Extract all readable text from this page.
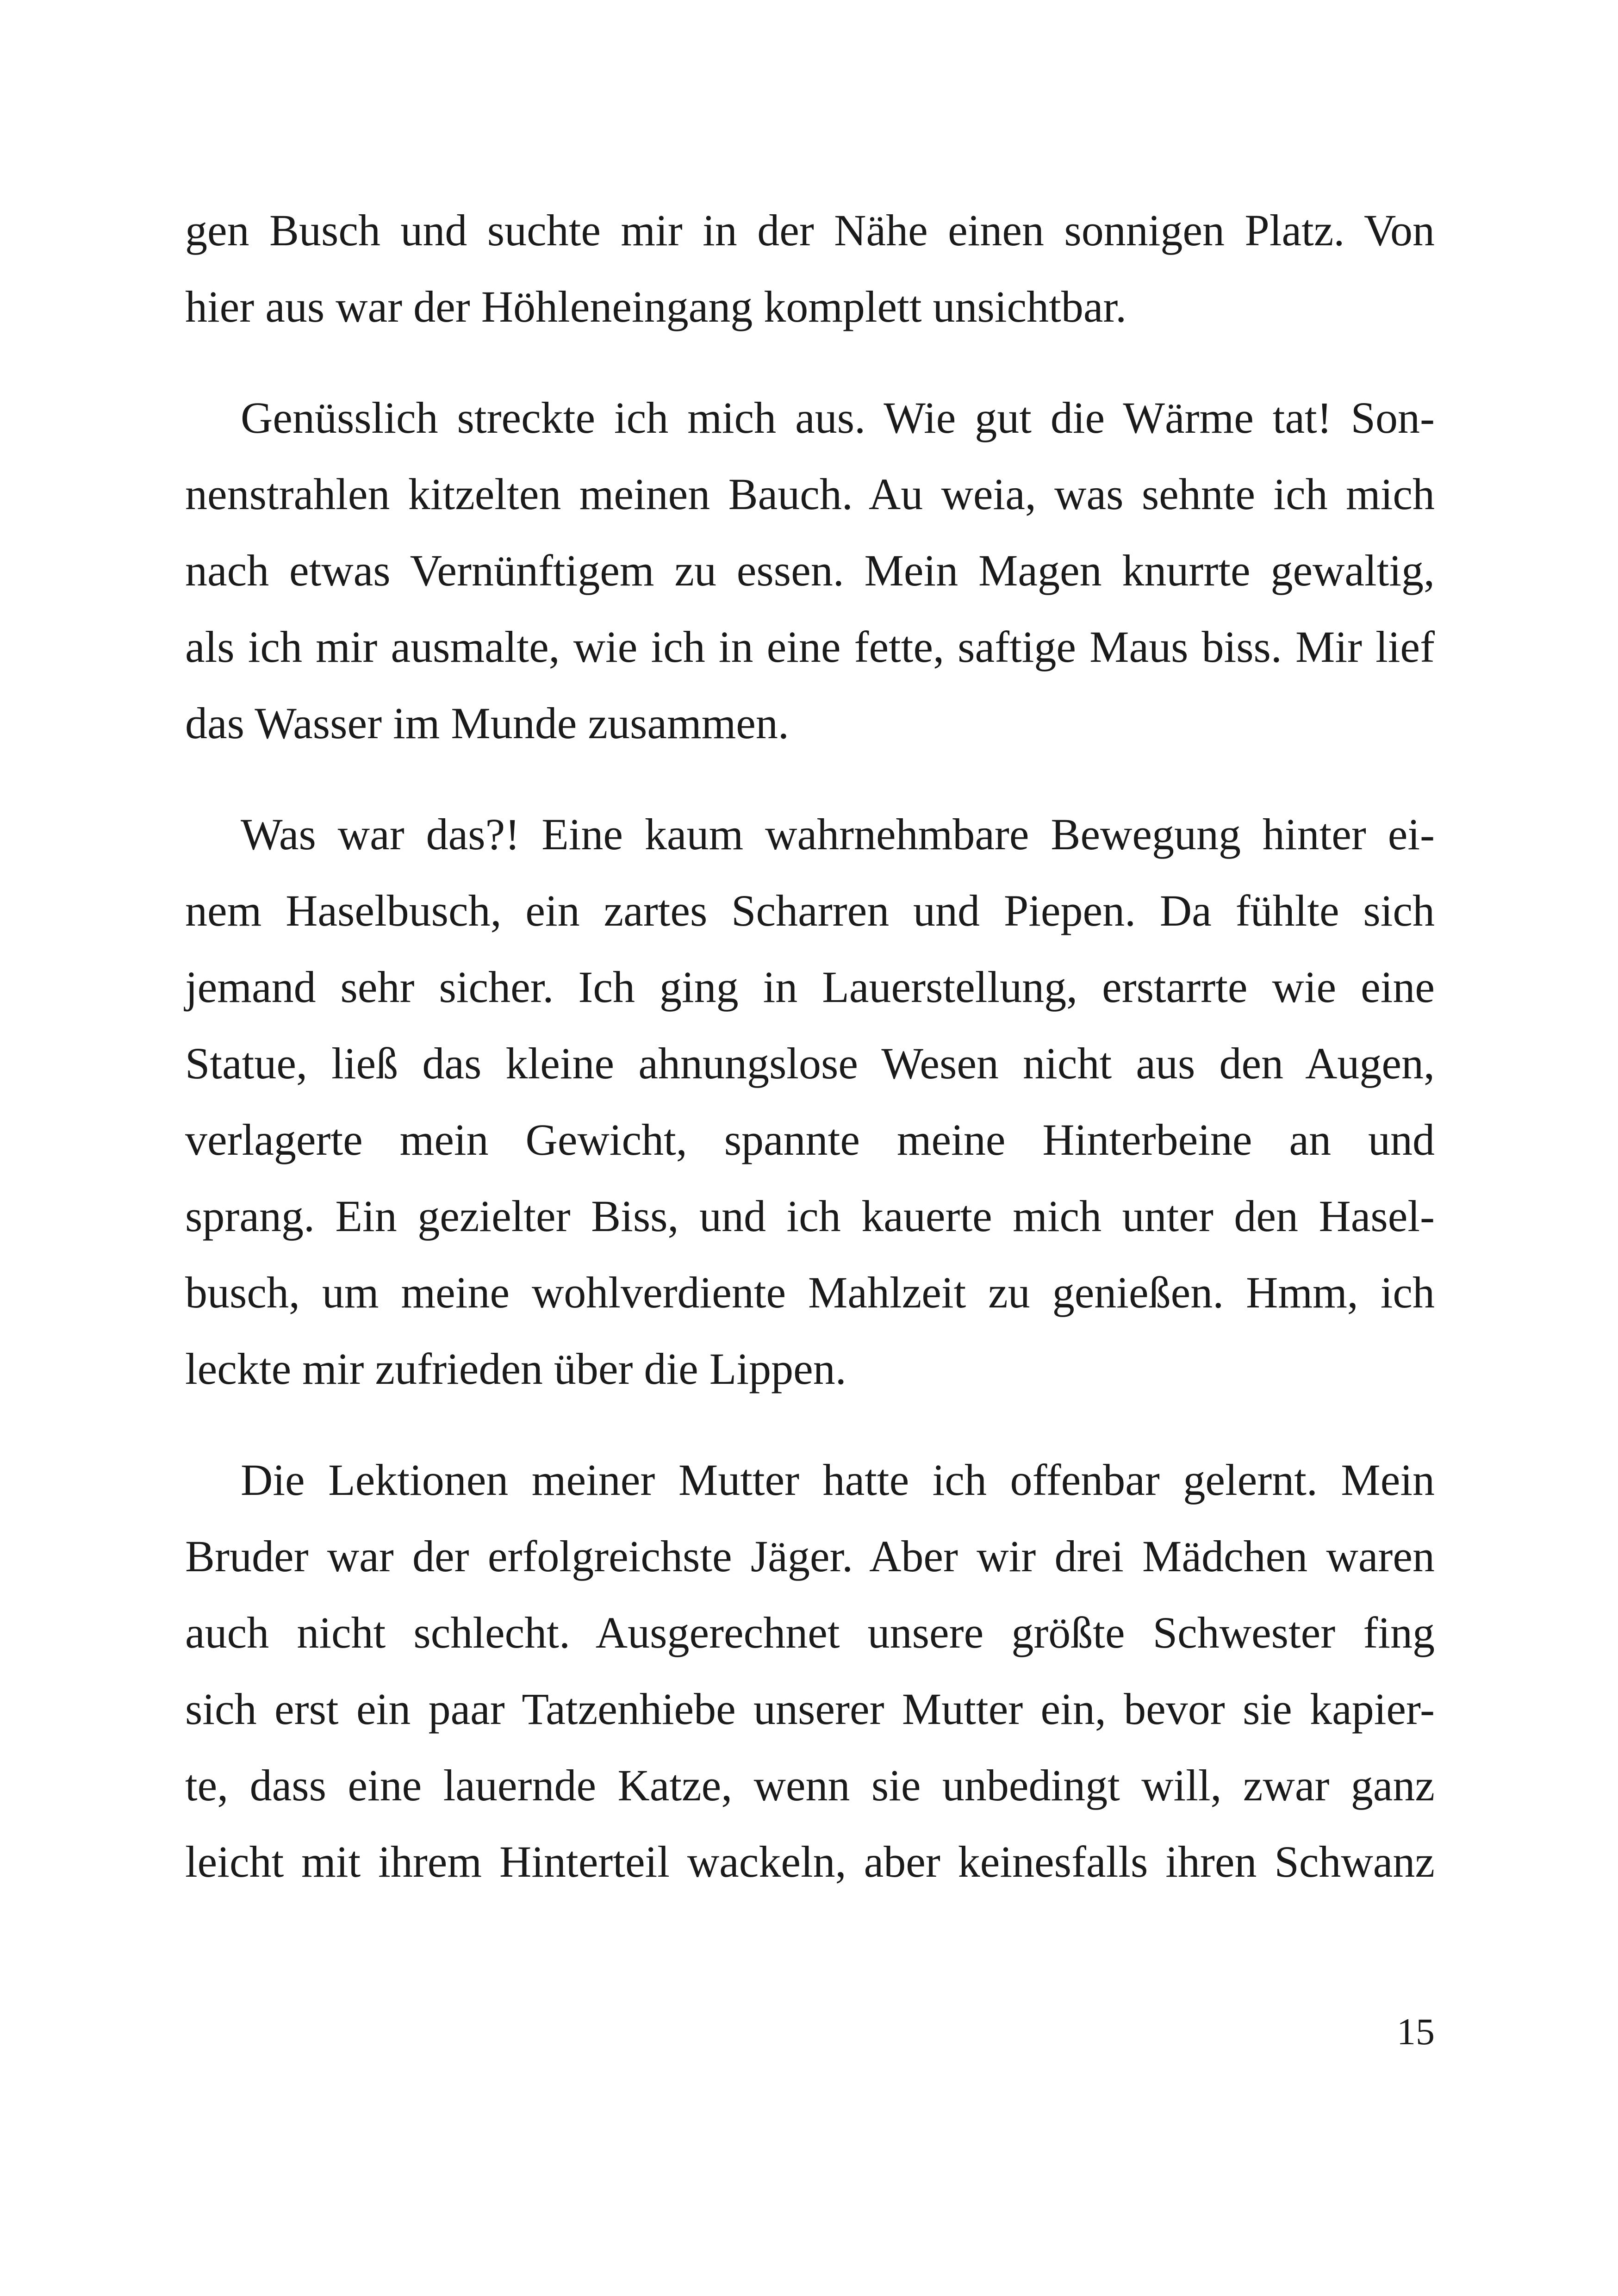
gen Busch und suchte mir in der Nähe einen sonnigen Platz. Von
hier aus war der Höhleneingang komplett unsichtbar.
Genüsslich streckte ich mich aus. Wie gut die Wärme tat! Son-
nenstrahlen kitzelten meinen Bauch. Au weia, was sehnte ich mich
nach etwas Vernünftigem zu essen. Mein Magen knurrte gewaltig,
als ich mir ausmalte, wie ich in eine fette, saftige Maus biss. Mir lief
das Wasser im Munde zusammen.
Was war das?! Eine kaum wahrnehmbare Bewegung hinter ei-
nem Haselbusch, ein zartes Scharren und Piepen. Da fühlte sich
jemand sehr sicher. Ich ging in Lauerstellung, erstarrte wie eine
Statue, ließ das kleine ahnungslose Wesen nicht aus den Augen,
verlagerte mein Gewicht, spannte meine Hinterbeine an und
sprang. Ein gezielter Biss, und ich kauerte mich unter den Hasel-
busch, um meine wohlverdiente Mahlzeit zu genießen. Hmm, ich
leckte mir zufrieden über die Lippen.
Die Lektionen meiner Mutter hatte ich offenbar gelernt. Mein
Bruder war der erfolgreichste Jäger. Aber wir drei Mädchen waren
auch nicht schlecht. Ausgerechnet unsere größte Schwester fing
sich erst ein paar Tatzenhiebe unserer Mutter ein, bevor sie kapier-
te, dass eine lauernde Katze, wenn sie unbedingt will, zwar ganz
leicht mit ihrem Hinterteil wackeln, aber keinesfalls ihren Schwanz
15
